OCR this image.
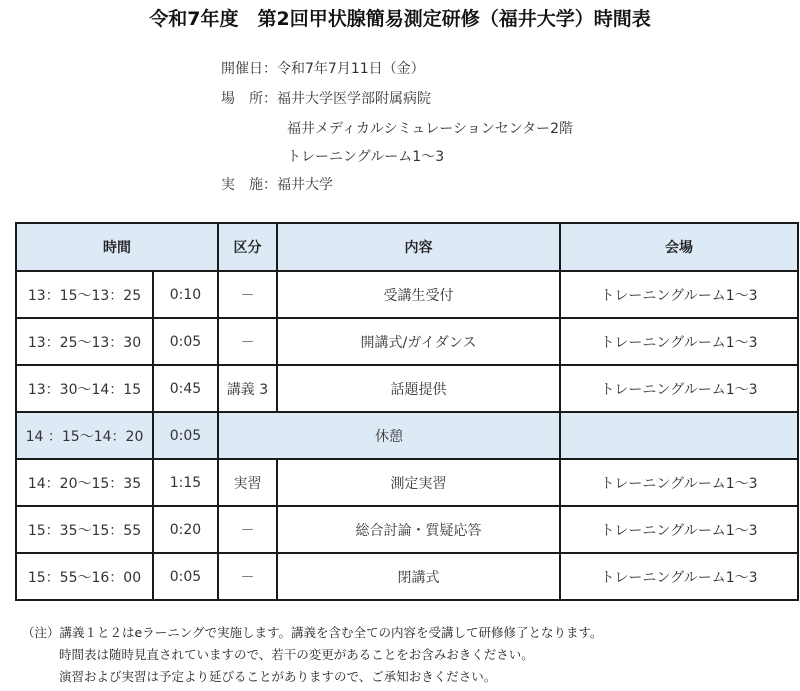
令和7年度　第2回甲状腺簡易測定研修（福井大学）時間表
開催日：令和7年7月11日（金）
場　所：福井大学医学部附属病院
福井メディカルシミュレーションセンター2階
トレーニングルーム1～3
実　施：福井大学
時間		区分	内容	会場
13：15～13：25	0:10	－	受講生受付	トレーニングルーム1～3
13：25～13：30	0:05	－	開講式/ガイダンス	トレーニングルーム1～3
13：30～14：15	0:45	講義 3	話題提供	トレーニングルーム1～3
14 ：15～14：20	0:05	休憩		
14：20～15：35	1:15	実習	測定実習	トレーニングルーム1～3
15：35～15：55	0:20	－	総合討論・質疑応答	トレーニングルーム1～3
15：55～16：00	0:05	－	閉講式	トレーニングルーム1～3
（注）講義１と２はeラーニングで実施します。講義を含む全ての内容を受講して研修修了となります。
時間表は随時見直されていますので、若干の変更があることをお含みおきください。
演習および実習は予定より延びることがありますので、ご承知おきください。
